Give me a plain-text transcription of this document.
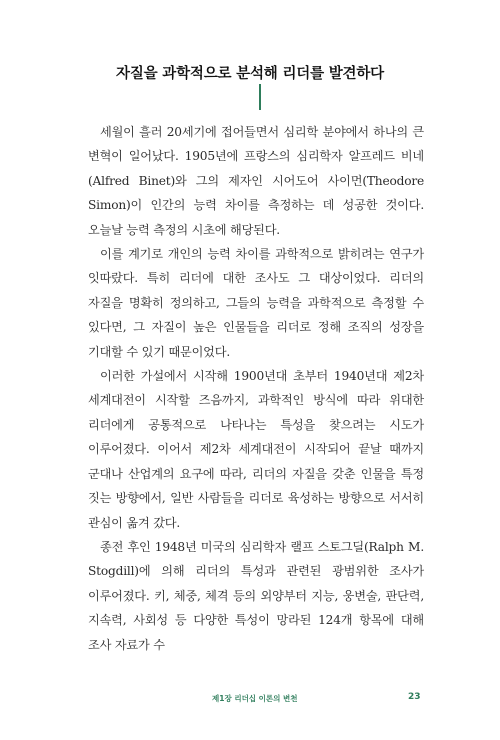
자질을 과학적으로 분석해 리더를 발견하다

세월이 흘러 20세기에 접어들면서 심리학 분야에서 하나의 큰 변혁이 일어났다. 1905년에 프랑스의 심리학자 알프레드 비네(Alfred Binet)와 그의 제자인 시어도어 사이먼(Theodore Simon)이 인간의 능력 차이를 측정하는 데 성공한 것이다. 오늘날 능력 측정의 시초에 해당된다.

이를 계기로 개인의 능력 차이를 과학적으로 밝히려는 연구가 잇따랐다. 특히 리더에 대한 조사도 그 대상이었다. 리더의 자질을 명확히 정의하고, 그들의 능력을 과학적으로 측정할 수 있다면, 그 자질이 높은 인물들을 리더로 정해 조직의 성장을 기대할 수 있기 때문이었다.

이러한 가설에서 시작해 1900년대 초부터 1940년대 제2차 세계대전이 시작할 즈음까지, 과학적인 방식에 따라 위대한 리더에게 공통적으로 나타나는 특성을 찾으려는 시도가 이루어졌다. 이어서 제2차 세계대전이 시작되어 끝날 때까지 군대나 산업계의 요구에 따라, 리더의 자질을 갖춘 인물을 특정 짓는 방향에서, 일반 사람들을 리더로 육성하는 방향으로 서서히 관심이 옮겨 갔다.

종전 후인 1948년 미국의 심리학자 랠프 스토그딜(Ralph M. Stogdill)에 의해 리더의 특성과 관련된 광범위한 조사가 이루어졌다. 키, 체중, 체격 등의 외양부터 지능, 웅변술, 판단력, 지속력, 사회성 등 다양한 특성이 망라된 124개 항목에 대해 조사 자료가 수

제1장 리더십 이론의 변천	23
